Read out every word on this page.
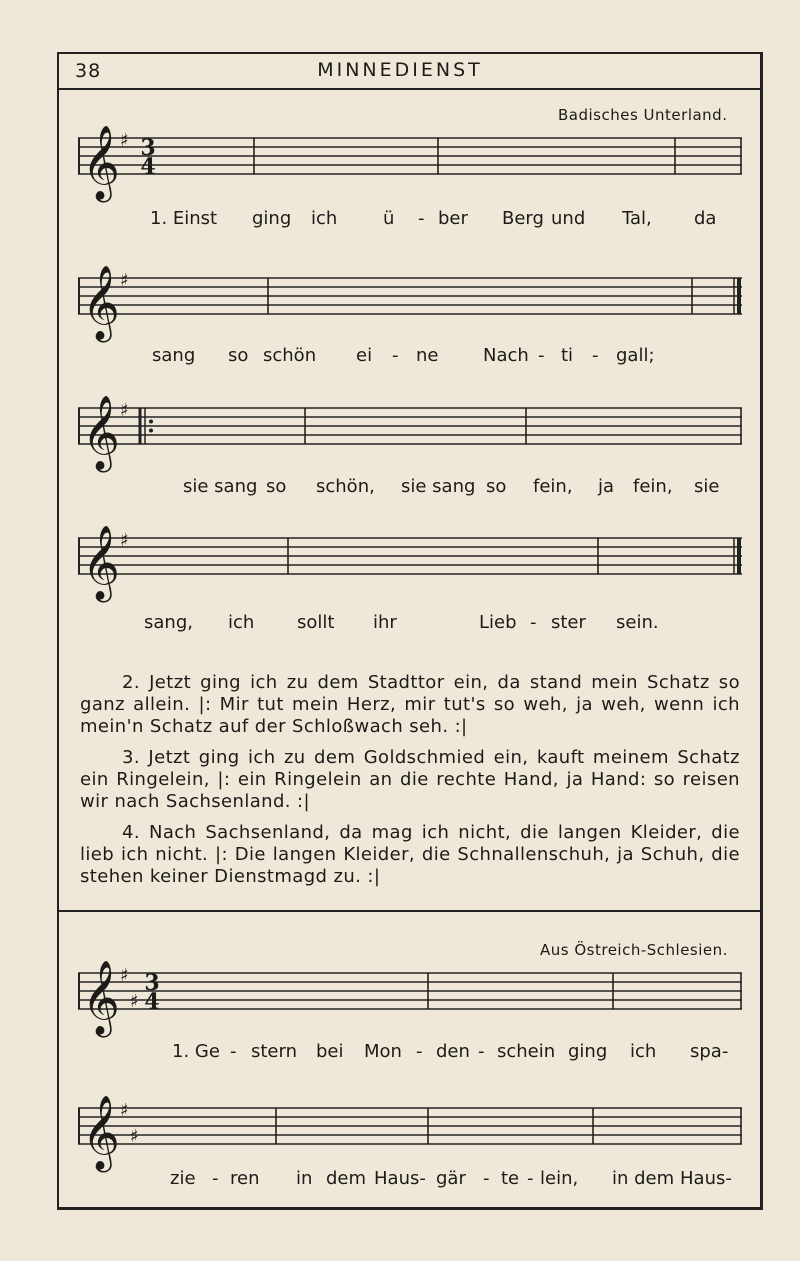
38	MINNEDIENST
Badisches Unterland.
𝄞 ♯ 3
4
𝄞 ♯
𝄞 ♯
𝄞 ♯
1. Einst ging ich	ü - ber Berg und Tal, da
sang so schön ei - ne Nach - ti - gall;
sie sang so schön, sie sang so fein, ja fein, sie
sang, ich sollt ihr	Lieb - ster sein.

2. Jetzt ging ich zu dem Stadttor ein, da stand mein Schatz so ganz allein. |: Mir tut mein Herz, mir tut's so weh, ja weh, wenn ich mein'n Schatz auf der Schloßwach seh. :|

3. Jetzt ging ich zu dem Goldschmied ein, kauft meinem Schatz ein Ringelein, |: ein Ringelein an die rechte Hand, ja Hand: so reisen wir nach Sachsenland. :|

4. Nach Sachsenland, da mag ich nicht, die langen Kleider, die lieb ich nicht. |: Die langen Kleider, die Schnallenschuh, ja Schuh, die stehen keiner Dienstmagd zu. :|

Aus Östreich-Schlesien.
𝄞 ♯
♯
3
4
𝄞 ♯
♯
1. Ge - stern bei Mon - den - schein ging ich spa-
zie - ren in dem Haus- gär - te - lein, in dem Haus-
